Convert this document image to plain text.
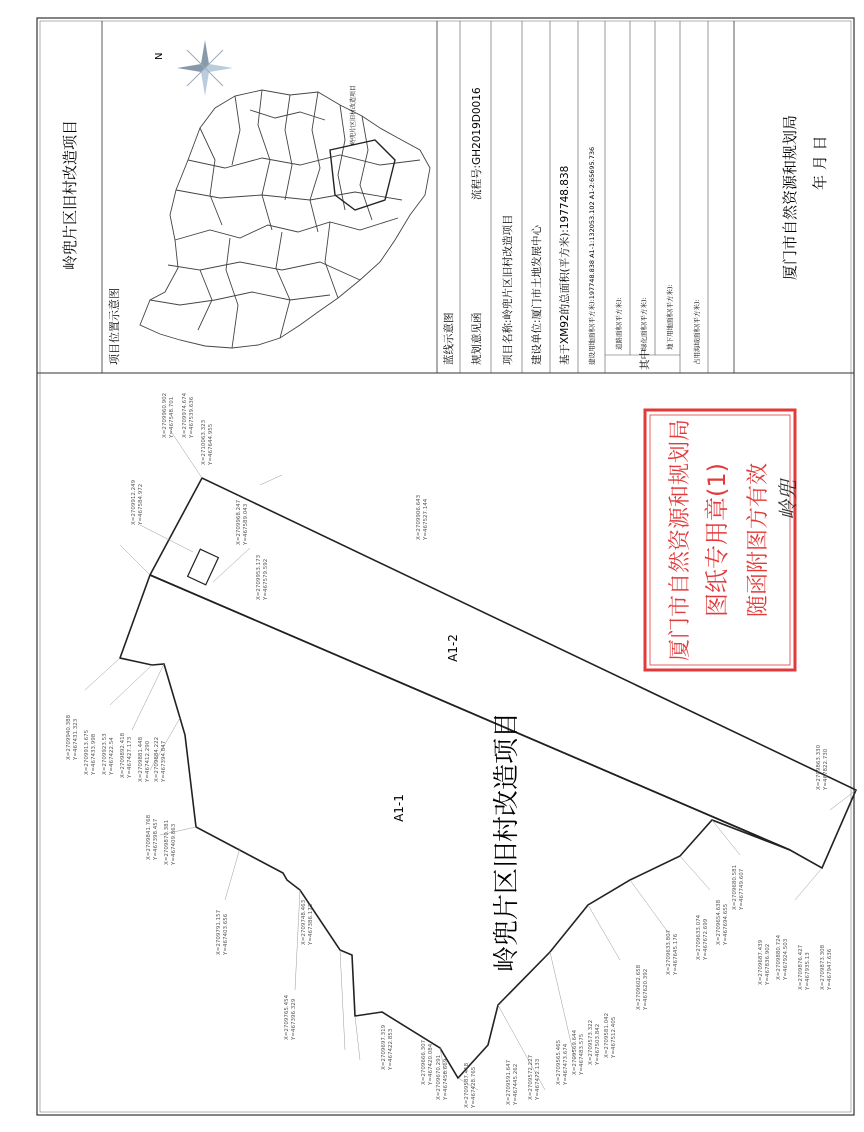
岭兜片区旧村改造项目
项目位置示意图
N
岭兜片区旧村改造项目
蓝线示意图 规划意见函
流程号:GH2019D0016
项目名称:岭兜片区旧村改造项目 建设单位:厦门市土地发展中心 基于XM92的总面积(平方米):197748.838	建设用地面积(平方米):197748.838 A1-1:132053.102 A1-2:65695.736	其中
道路面积(平方米):	绿化面积(平方米):	地下用地面积(平方米):	占用海域面积(平方米):
厦门市自然资源和规划局 年 月 日
A1-2
A1-1	岭兜片区旧村改造项目
X=2709960.902 Y=467548.701 X=2709974.674 Y=467539.636
X=2709968.247 Y=467589.043
X=2709912.249 Y=467584.972
X=2709953.173 Y=467579.592
X=2709906.643 Y=467527.144
X=2709940.388 Y=467431.323 X=2709913.675 Y=467433.998 X=2709923.53 Y=467422.54 X=2709892.418 Y=467427.173 X=2709881.448 Y=467412.290 X=2709884.222 Y=467394.847
X=2709841.768 Y=467398.457 X=2709870.381 Y=467409.863
X=2709791.157 Y=467403.656	X=2709748.463 Y=467386.173
X=2709765.454 Y=467396.329
X=2709697.319 Y=467422.853	X=2709666.307 Y=467420.084 X=2709670.291 Y=467458.669	X=2709587.418 Y=467428.765	X=2709591.647 Y=467445.262 X=2709572.227 Y=467472.133	X=2709565.465 Y=467473.674 X=2709569.644 Y=467483.575 X=2709573.322 Y=467503.842 X=2709581.042 Y=467512.405
X=2709602.658 Y=467620.392
X=2709633.807 Y=467645.176	X=2709633.074 Y=467672.699 X=2709654.638 Y=467694.655
X=2709680.581 Y=467749.607
X=2709687.439 Y=467836.902 X=2709880.724 Y=467924.503 X=2709876.427 Y=467935.13 X=2709873.308 Y=467947.636
X=2709863.330 Y=467822.730
X=2710063.323 Y=467644.955	厦门市自然资源和规划局 图纸专用章(1) 随函附图方有效 岭兜
